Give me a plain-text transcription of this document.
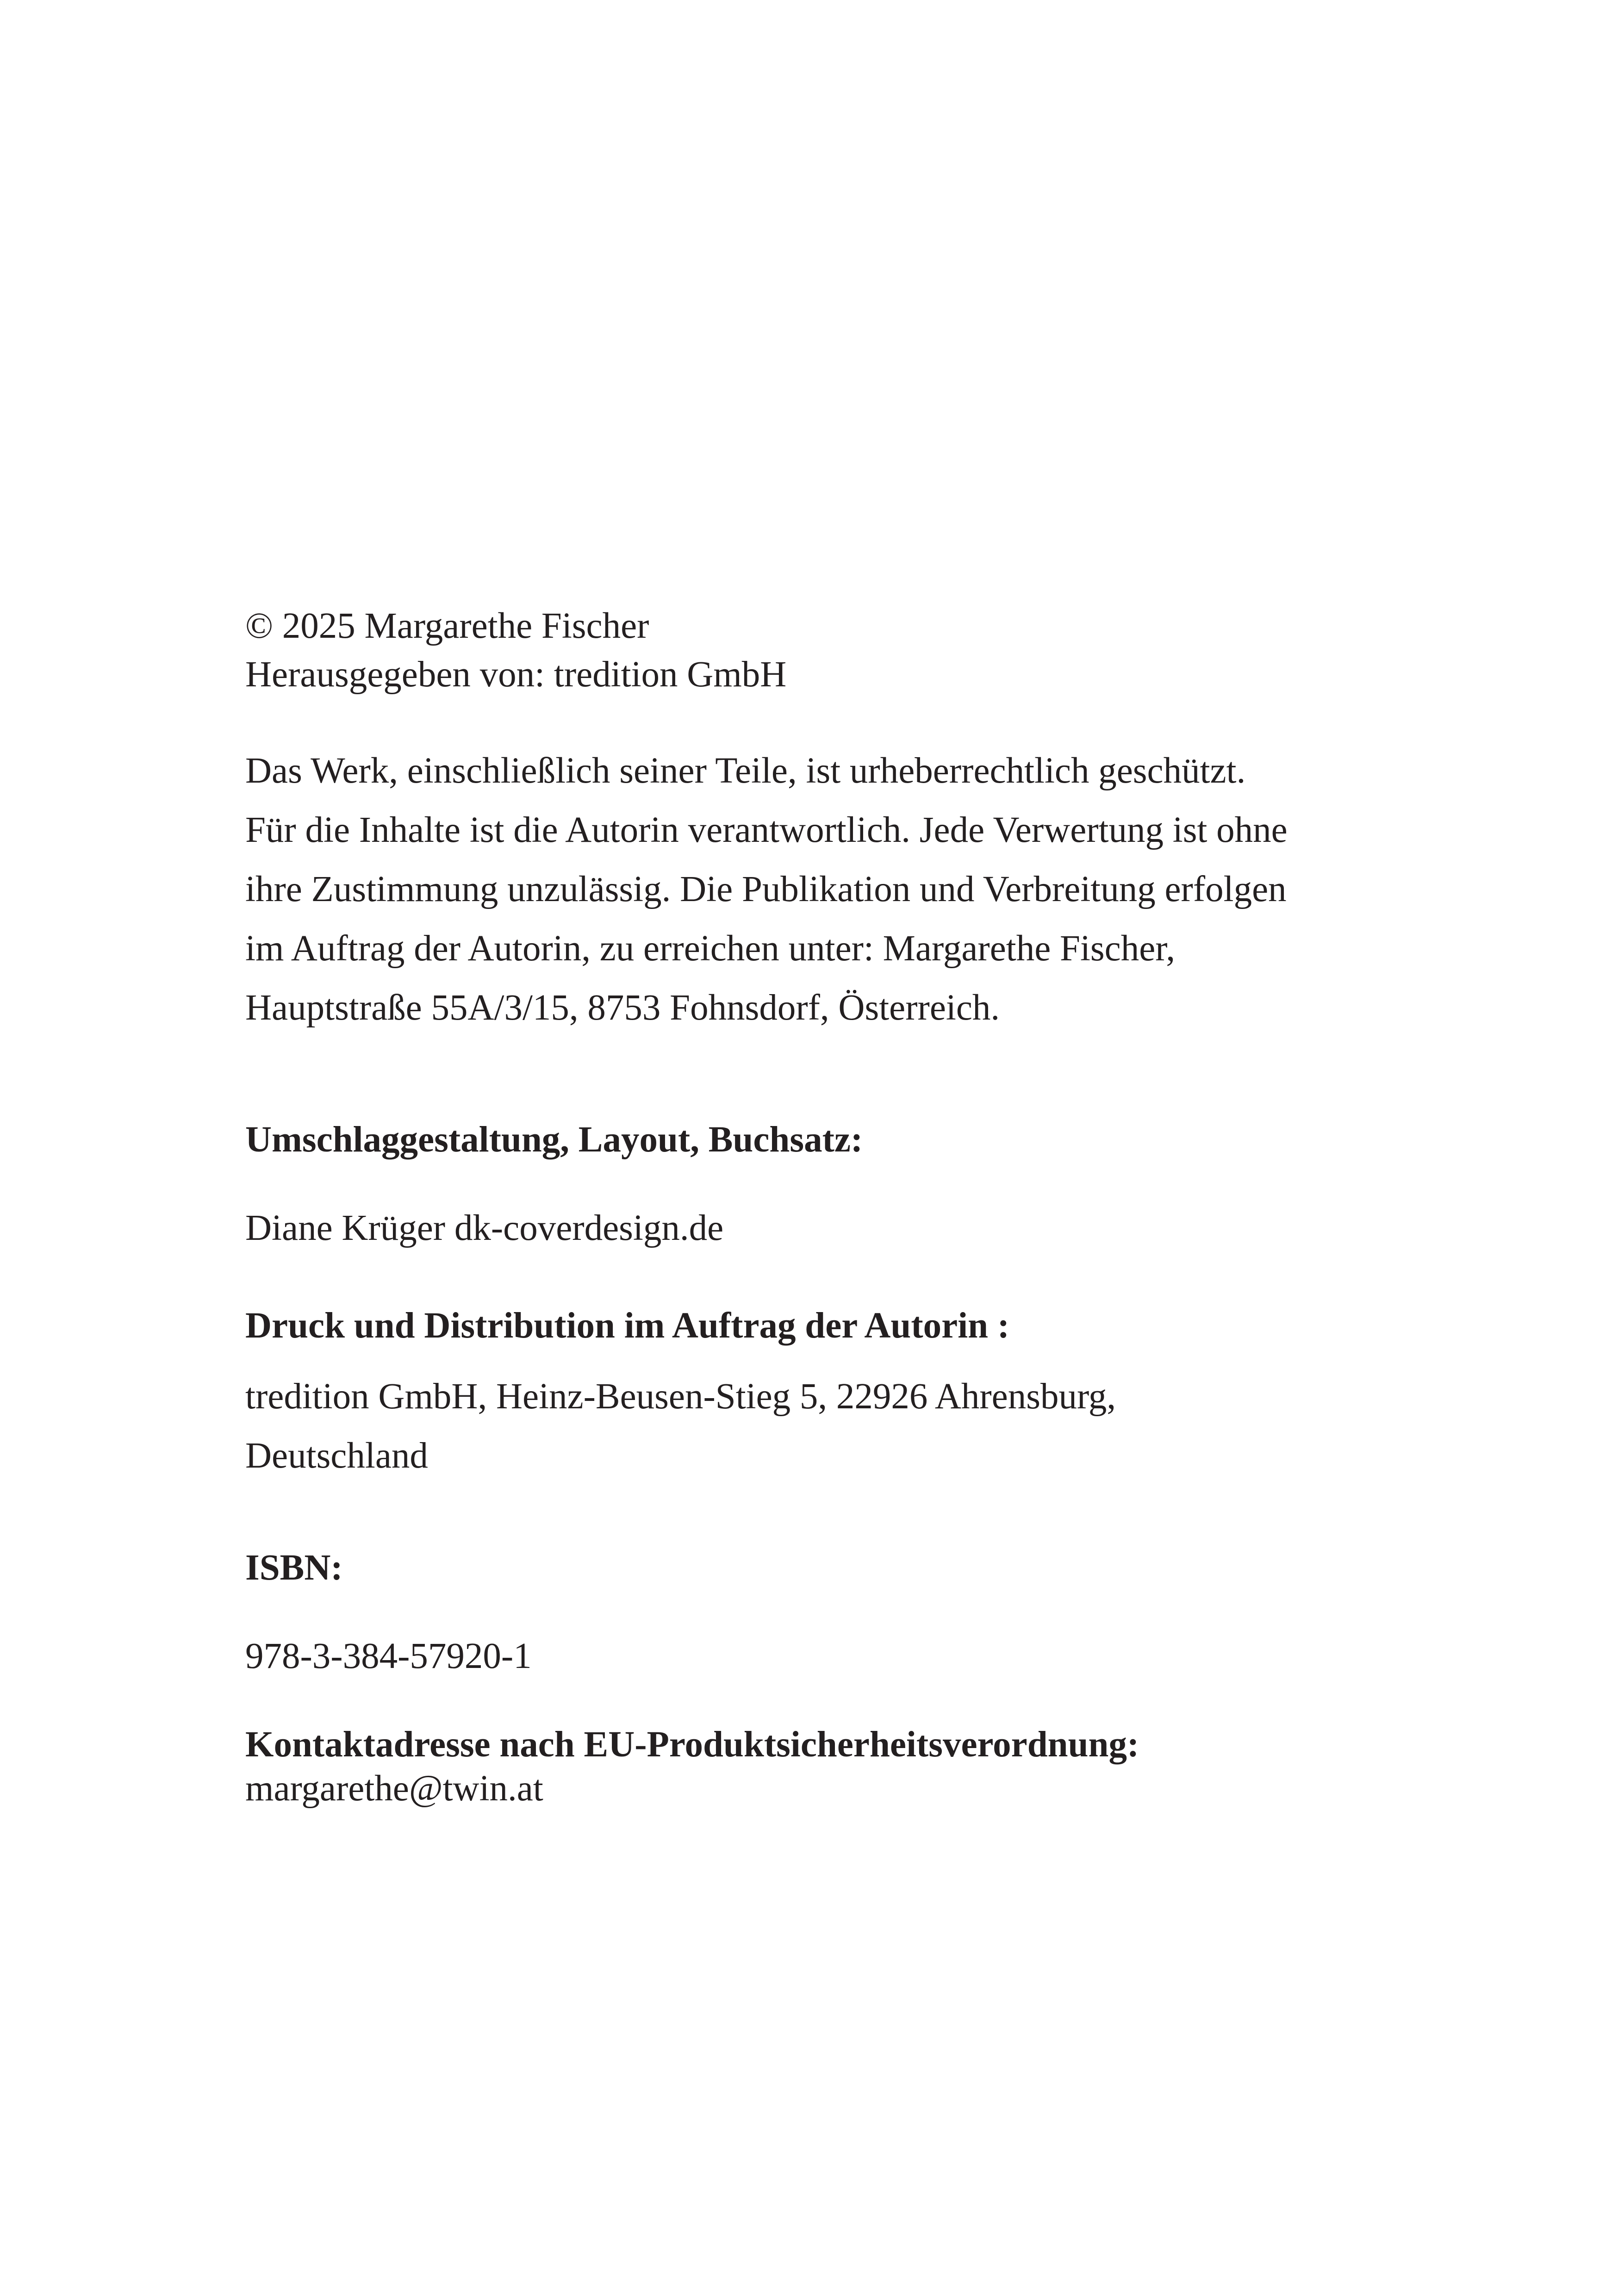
© 2025 Margarethe Fischer
Herausgegeben von: tredition GmbH
Das Werk, einschließlich seiner Teile, ist urheberrechtlich geschützt.
Für die Inhalte ist die Autorin verantwortlich. Jede Verwertung ist ohne
ihre Zustimmung unzulässig. Die Publikation und Verbreitung erfolgen
im Auftrag der Autorin, zu erreichen unter: Margarethe Fischer,
Hauptstraße 55A/3/15, 8753 Fohnsdorf, Österreich.
Umschlaggestaltung, Layout, Buchsatz:
Diane Krüger dk-coverdesign.de
Druck und Distribution im Auftrag der Autorin :
tredition GmbH, Heinz-Beusen-Stieg 5, 22926 Ahrensburg,
Deutschland
ISBN:
978-3-384-57920-1
Kontaktadresse nach EU-Produktsicherheitsverordnung:
margarethe@twin.at
